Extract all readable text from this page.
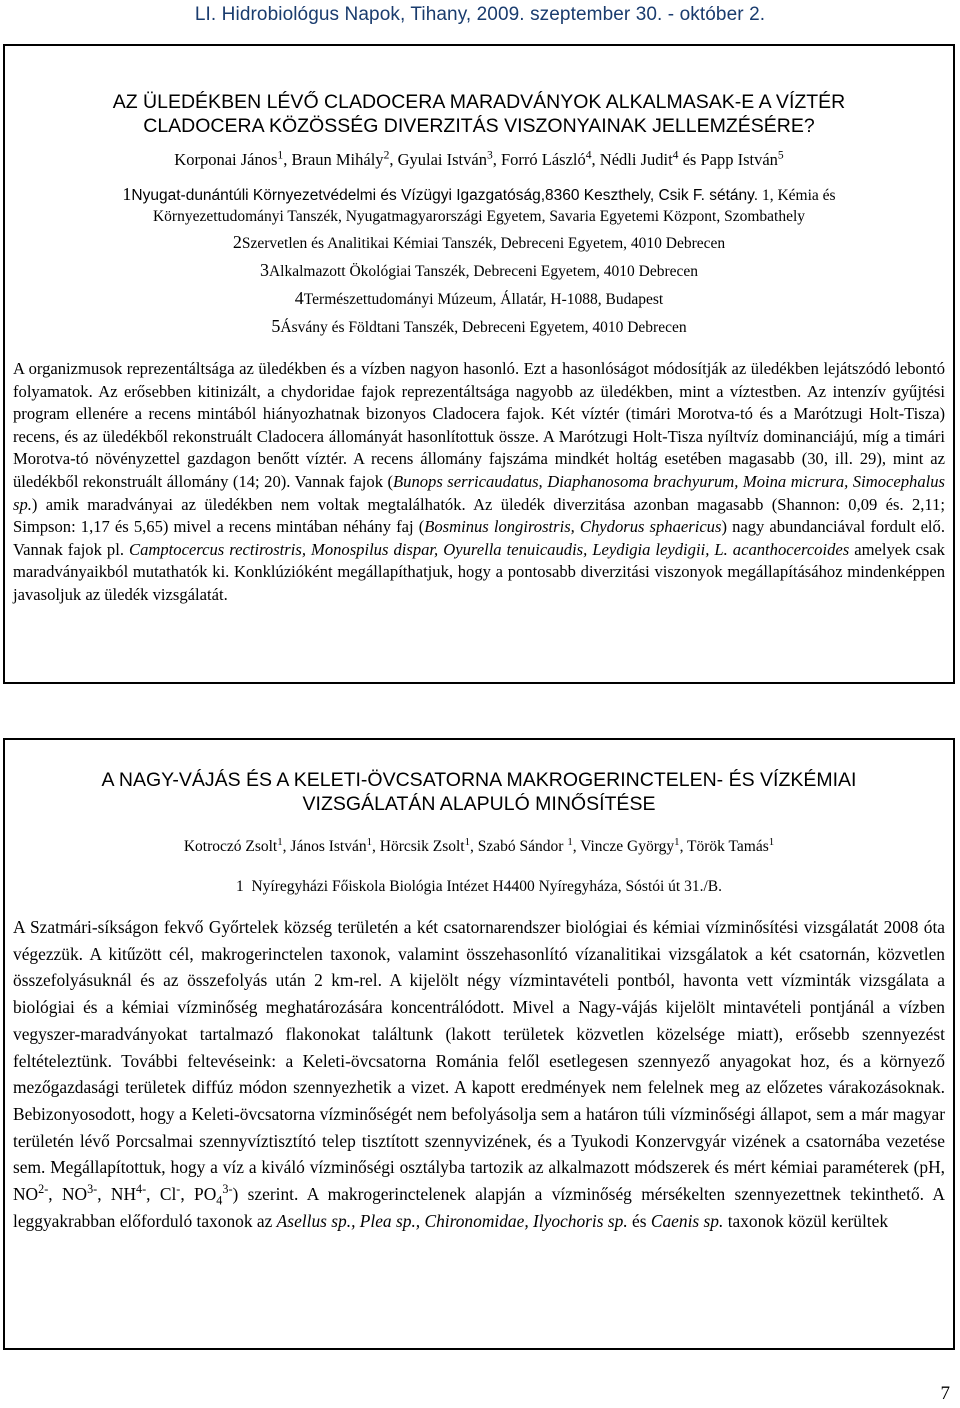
LI. Hidrobiológus Napok, Tihany, 2009. szeptember 30. - október 2.
AZ ÜLEDÉKBEN LÉVŐ CLADOCERA MARADVÁNYOK ALKALMASAK-E A VÍZTÉR
CLADOCERA KÖZÖSSÉG DIVERZITÁS VISZONYAINAK JELLEMZÉSÉRE?
Korponai János$^1$, Braun Mihály$^2$, Gyulai István$^3$, Forró László$^4$, Nédli Judit$^4$ és Papp István$^5$
1Nyugat-dunántúli Környezetvédelmi és Vízügyi Igazgatóság,8360 Keszthely, Csik F. sétány. 1, Kémia és
Környezettudományi Tanszék, Nyugatmagyarországi Egyetem, Savaria Egyetemi Központ, Szombathely
2Szervetlen és Analitikai Kémiai Tanszék, Debreceni Egyetem, 4010 Debrecen
3Alkalmazott Ökológiai Tanszék, Debreceni Egyetem, 4010 Debrecen
4Természettudományi Múzeum, Állatár, H-1088, Budapest
5Ásvány és Földtani Tanszék, Debreceni Egyetem, 4010 Debrecen
A organizmusok reprezentáltsága az üledékben és a vízben nagyon hasonló. Ezt a hasonlóságot módosítják az üledékben lejátszódó lebontó folyamatok. Az erősebben kitinizált, a chydoridae fajok reprezentáltsága nagyobb az üledékben, mint a víztestben. Az intenzív gyűjtési program ellenére a recens mintából hiányozhatnak bizonyos Cladocera fajok. Két víztér (timári Morotva-tó és a Marótzugi Holt-Tisza) recens, és az üledékből rekonstruált Cladocera állományát hasonlítottuk össze. A Marótzugi Holt-Tisza nyíltvíz dominanciájú, míg a timári Morotva-tó növényzettel gazdagon benőtt víztér. A recens állomány fajszáma mindkét holtág esetében magasabb (30, ill. 29), mint az üledékből rekonstruált állomány (14; 20). Vannak fajok (Bunops serricaudatus, Diaphanosoma brachyurum, Moina micrura, Simocephalus sp.) amik maradványai az üledékben nem voltak megtalálhatók. Az üledék diverzitása azonban magasabb (Shannon: 0,09 és. 2,11; Simpson: 1,17 és 5,65) mivel a recens mintában néhány faj (Bosminus longirostris, Chydorus sphaericus) nagy abundanciával fordult elő. Vannak fajok pl. Camptocercus rectirostris, Monospilus dispar, Oyurella tenuicaudis, Leydigia leydigii, L. acanthocercoides amelyek csak maradványaikból mutathatók ki. Konklúzióként megállapíthatjuk, hogy a pontosabb diverzitási viszonyok megállapításához mindenképpen javasoljuk az üledék vizsgálatát.
A NAGY-VÁJÁS ÉS A KELETI-ÖVCSATORNA MAKROGERINCTELEN- ÉS VÍZKÉMIAI
VIZSGÁLATÁN ALAPULÓ MINŐSÍTÉSE
Kotroczó Zsolt$^1$, János István$^1$, Hörcsik Zsolt$^1$, Szabó Sándor $^1$, Vincze György$^1$, Török Tamás$^1$
1 Nyíregyházi Főiskola Biológia Intézet H4400 Nyíregyháza, Sóstói út 31./B.
A Szatmári-síkságon fekvő Győrtelek község területén a két csatornarendszer biológiai és kémiai vízminősítési vizsgálatát 2008 óta végezzük. A kitűzött cél, makrogerinctelen taxonok, valamint összehasonlító vízanalitikai vizsgálatok a két csatornán, közvetlen összefolyásuknál és az összefolyás után 2 km-rel. A kijelölt négy vízmintavételi pontból, havonta vett vízminták vizsgálata a biológiai és a kémiai vízminőség meghatározására koncentrálódott. Mivel a Nagy-vájás kijelölt mintavételi pontjánál a vízben vegyszer-maradványokat tartalmazó flakonokat találtunk (lakott területek közvetlen közelsége miatt), erősebb szennyezést feltételeztünk. További feltevéseink: a Keleti-övcsatorna Románia felől esetlegesen szennyező anyagokat hoz, és a környező mezőgazdasági területek diffúz módon szennyezhetik a vizet. A kapott eredmények nem felelnek meg az előzetes várakozásoknak. Bebizonyosodott, hogy a Keleti-övcsatorna vízminőségét nem befolyásolja sem a határon túli vízminőségi állapot, sem a már magyar területén lévő Porcsalmai szennyvíztisztító telep tisztított szennyvizének, és a Tyukodi Konzervgyár vizének a csatornába vezetése sem. Megállapítottuk, hogy a víz a kiváló vízminőségi osztályba tartozik az alkalmazott módszerek és mért kémiai paraméterek (pH, $NO^{2-}$, $NO^{3-}$, $NH^{4-}$, Cl-, $PO_4^{3-}$) szerint. A makrogerinctelenek alapján a vízminőség mérsékelten szennyezettnek tekinthető. A leggyakrabban előforduló taxonok az Asellus sp., Plea sp., Chironomidae, Ilyochoris sp. és Caenis sp. taxonok közül kerültek
7
